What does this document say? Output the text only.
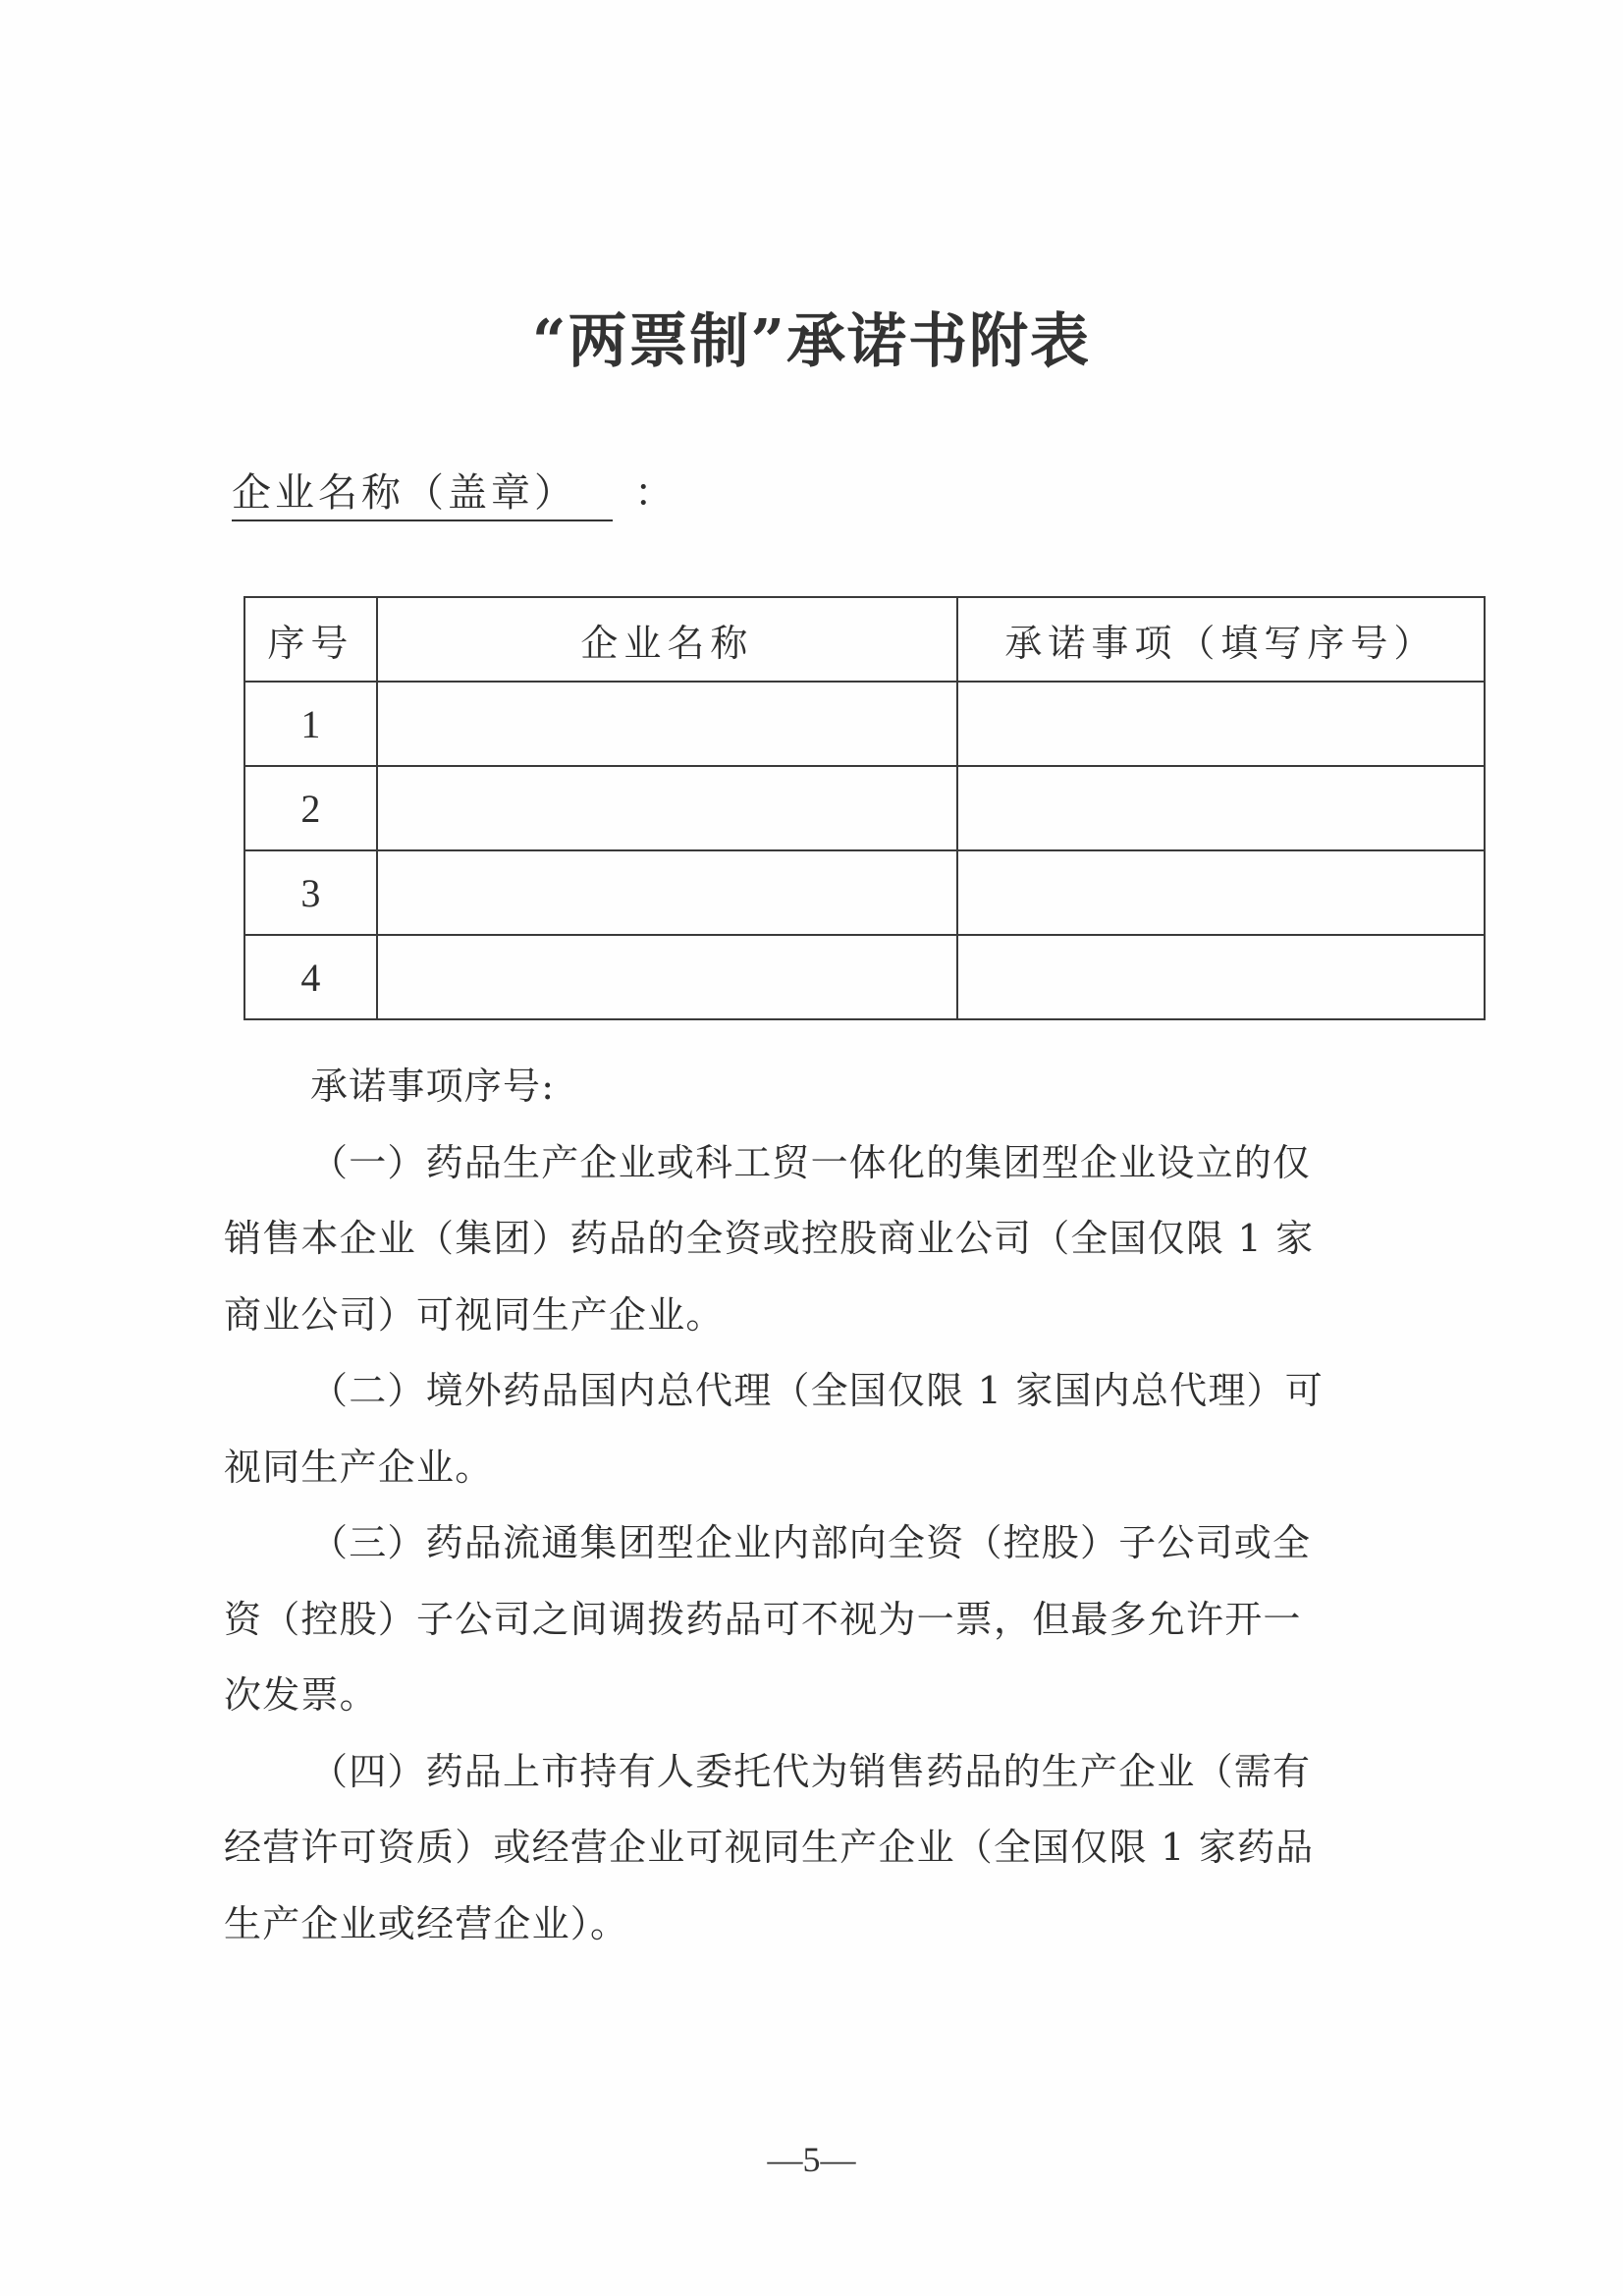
“两票制”承诺书附表
企业名称（盖章） ：
序号	企业名称	承诺事项（填写序号）
1		
2		
3		
4		
承诺事项序号:
（一）药品生产企业或科工贸一体化的集团型企业设立的仅
销售本企业（集团）药品的全资或控股商业公司（全国仅限 1 家
商业公司）可视同生产企业。
（二）境外药品国内总代理（全国仅限 1 家国内总代理）可
视同生产企业。
（三）药品流通集团型企业内部向全资（控股）子公司或全
资（控股）子公司之间调拨药品可不视为一票，但最多允许开一
次发票。
（四）药品上市持有人委托代为销售药品的生产企业（需有
经营许可资质）或经营企业可视同生产企业（全国仅限 1 家药品
生产企业或经营企业）。
—5—
